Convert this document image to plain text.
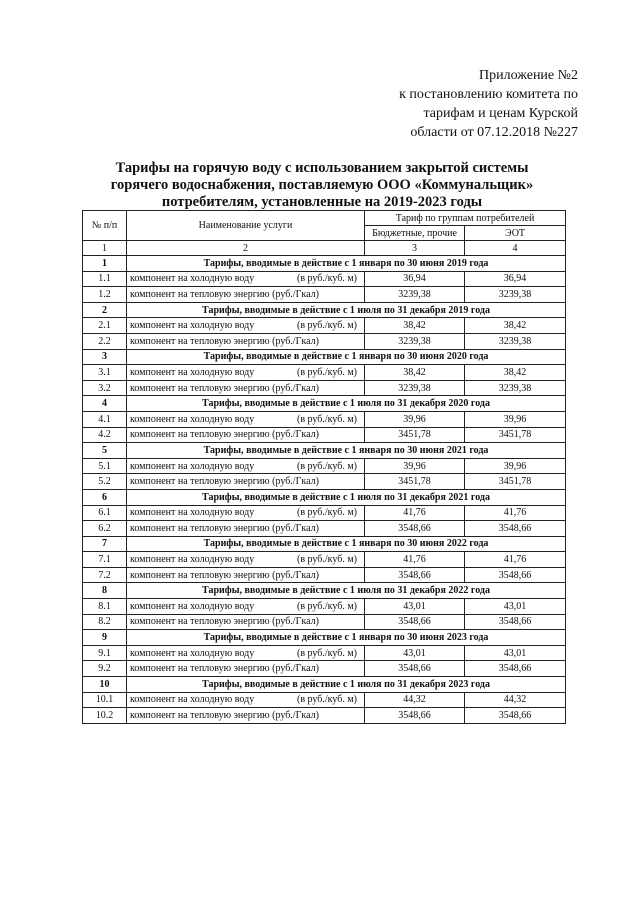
Приложение №2
к постановлению комитета по
тарифам и ценам Курской
области от 07.12.2018 №227
Тарифы на горячую воду с использованием закрытой системы
горячего водоснабжения, поставляемую ООО «Коммунальщик»
потребителям, установленные на 2019-2023 годы
№ п/п	Наименование услуги	Тариф по группам потребителей	
		Бюджетные, прочие	ЭОТ
1	2	3	4
1	Тарифы, вводимые в действие с 1 января по 30 июня 2019 года		
1.1	компонент на холодную воду (в руб./куб. м)	36,94	36,94
1.2	компонент на тепловую энергию (руб./Гкал)	3239,38	3239,38
2	Тарифы, вводимые в действие с 1 июля по 31 декабря 2019 года		
2.1	компонент на холодную воду (в руб./куб. м)	38,42	38,42
2.2	компонент на тепловую энергию (руб./Гкал)	3239,38	3239,38
3	Тарифы, вводимые в действие с 1 января по 30 июня 2020 года		
3.1	компонент на холодную воду (в руб./куб. м)	38,42	38,42
3.2	компонент на тепловую энергию (руб./Гкал)	3239,38	3239,38
4	Тарифы, вводимые в действие с 1 июля по 31 декабря 2020 года		
4.1	компонент на холодную воду (в руб./куб. м)	39,96	39,96
4.2	компонент на тепловую энергию (руб./Гкал)	3451,78	3451,78
5	Тарифы, вводимые в действие с 1 января по 30 июня 2021 года		
5.1	компонент на холодную воду (в руб./куб. м)	39,96	39,96
5.2	компонент на тепловую энергию (руб./Гкал)	3451,78	3451,78
6	Тарифы, вводимые в действие с 1 июля по 31 декабря 2021 года		
6.1	компонент на холодную воду (в руб./куб. м)	41,76	41,76
6.2	компонент на тепловую энергию (руб./Гкал)	3548,66	3548,66
7	Тарифы, вводимые в действие с 1 января по 30 июня 2022 года		
7.1	компонент на холодную воду (в руб./куб. м)	41,76	41,76
7.2	компонент на тепловую энергию (руб./Гкал)	3548,66	3548,66
8	Тарифы, вводимые в действие с 1 июля по 31 декабря 2022 года		
8.1	компонент на холодную воду (в руб./куб. м)	43,01	43,01
8.2	компонент на тепловую энергию (руб./Гкал)	3548,66	3548,66
9	Тарифы, вводимые в действие с 1 января по 30 июня 2023 года		
9.1	компонент на холодную воду (в руб./куб. м)	43,01	43,01
9.2	компонент на тепловую энергию (руб./Гкал)	3548,66	3548,66
10	Тарифы, вводимые в действие с 1 июля по 31 декабря 2023 года		
10.1	компонент на холодную воду (в руб./куб. м)	44,32	44,32
10.2	компонент на тепловую энергию (руб./Гкал)	3548,66	3548,66
